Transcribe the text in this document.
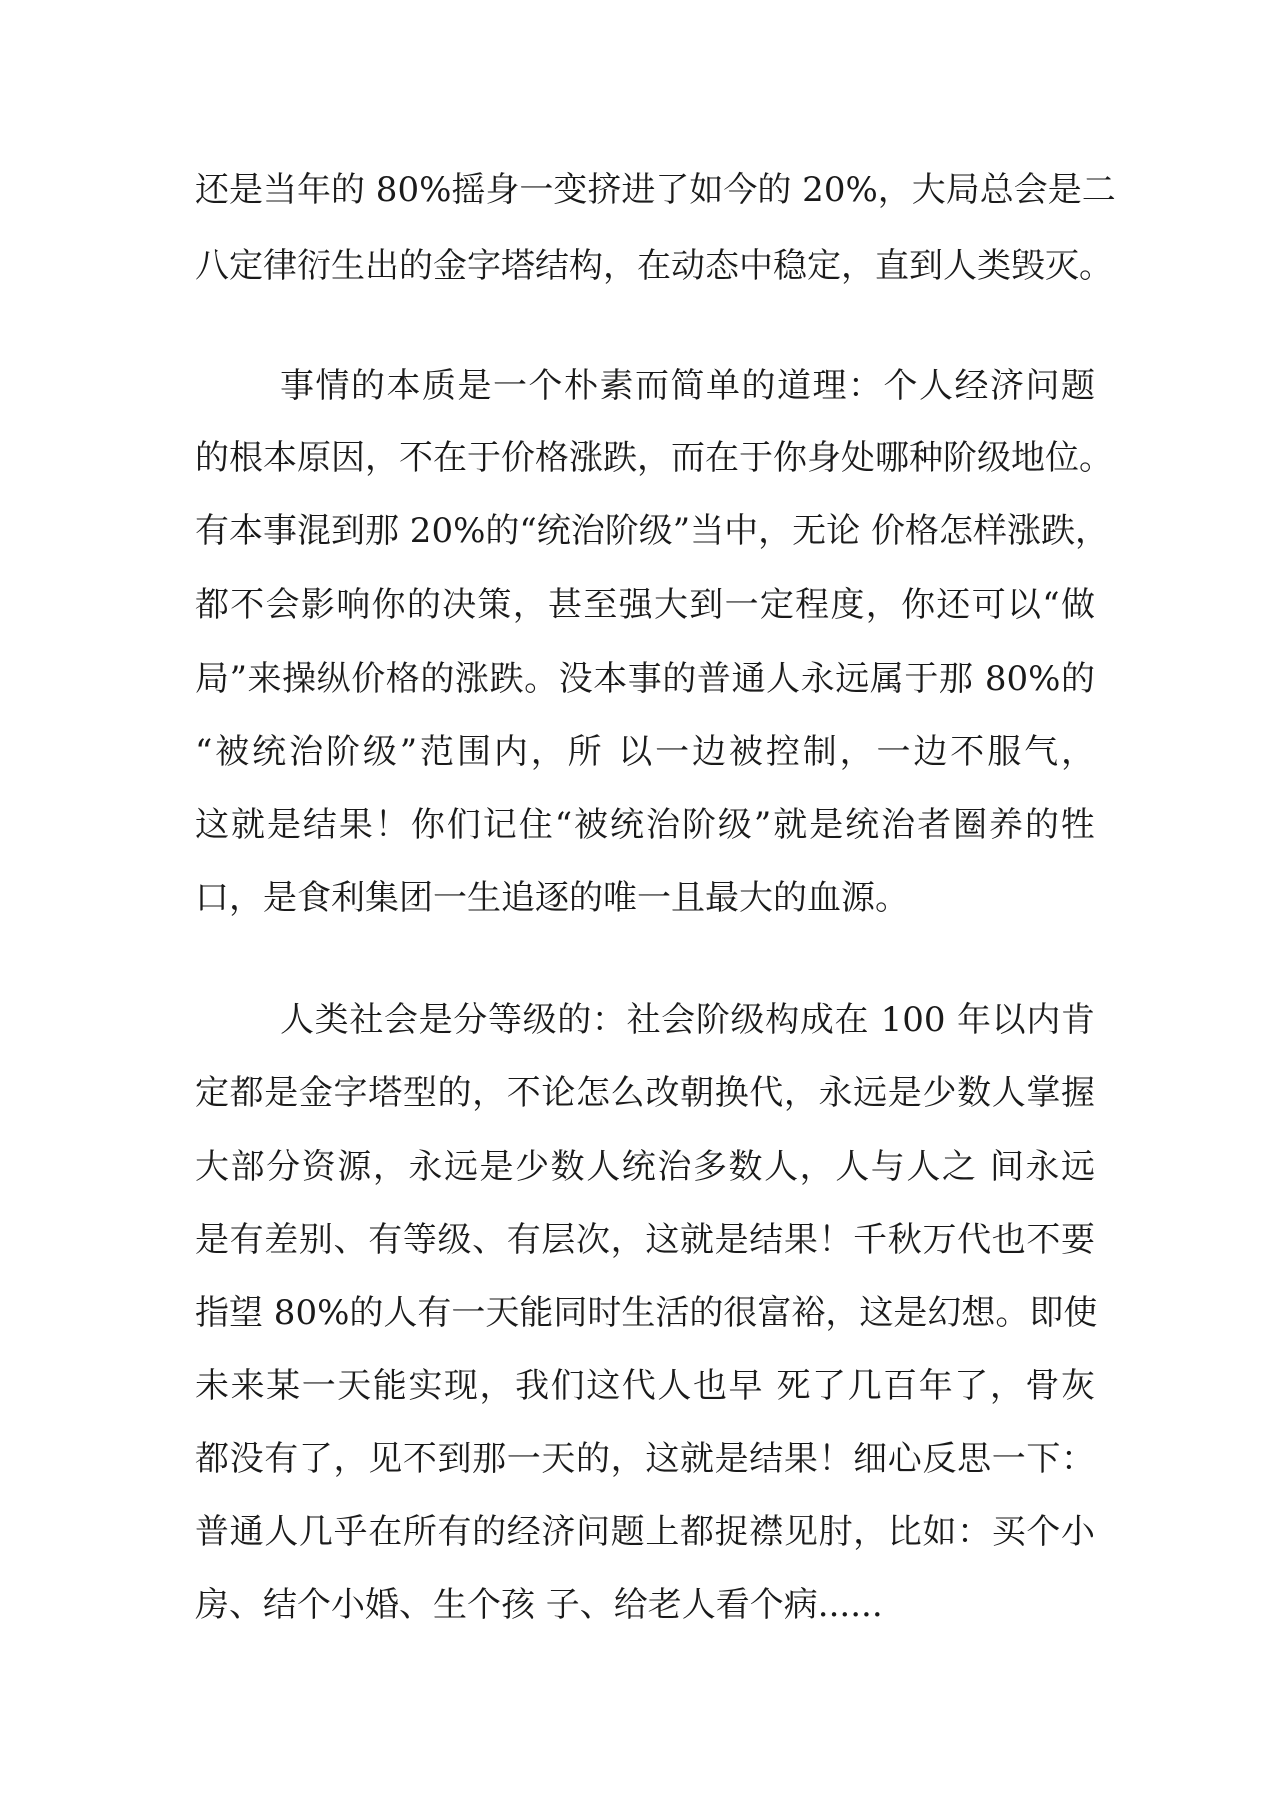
还是当年的 80%摇身一变挤进了如今的 20%，大局总会是二
八定律衍生出的金字塔结构，在动态中稳定，直到人类毁灭。
事情的本质是一个朴素而简单的道理：个人经济问题
的根本原因，不在于价格涨跌，而在于你身处哪种阶级地位。
有本事混到那 20%的“统治阶级”当中，无论 价格怎样涨跌，
都不会影响你的决策，甚至强大到一定程度，你还可以“做
局”来操纵价格的涨跌。没本事的普通人永远属于那 80%的
“被统治阶级”范围内，所 以一边被控制，一边不服气，
这就是结果！你们记住“被统治阶级”就是统治者圈养的牲
口，是食利集团一生追逐的唯一且最大的血源。
人类社会是分等级的：社会阶级构成在 100 年以内肯
定都是金字塔型的，不论怎么改朝换代，永远是少数人掌握
大部分资源，永远是少数人统治多数人，人与人之 间永远
是有差别、有等级、有层次，这就是结果！千秋万代也不要
指望 80%的人有一天能同时生活的很富裕，这是幻想。即使
未来某一天能实现，我们这代人也早 死了几百年了，骨灰
都没有了，见不到那一天的，这就是结果！细心反思一下：
普通人几乎在所有的经济问题上都捉襟见肘，比如：买个小
房、结个小婚、生个孩 子、给老人看个病......
